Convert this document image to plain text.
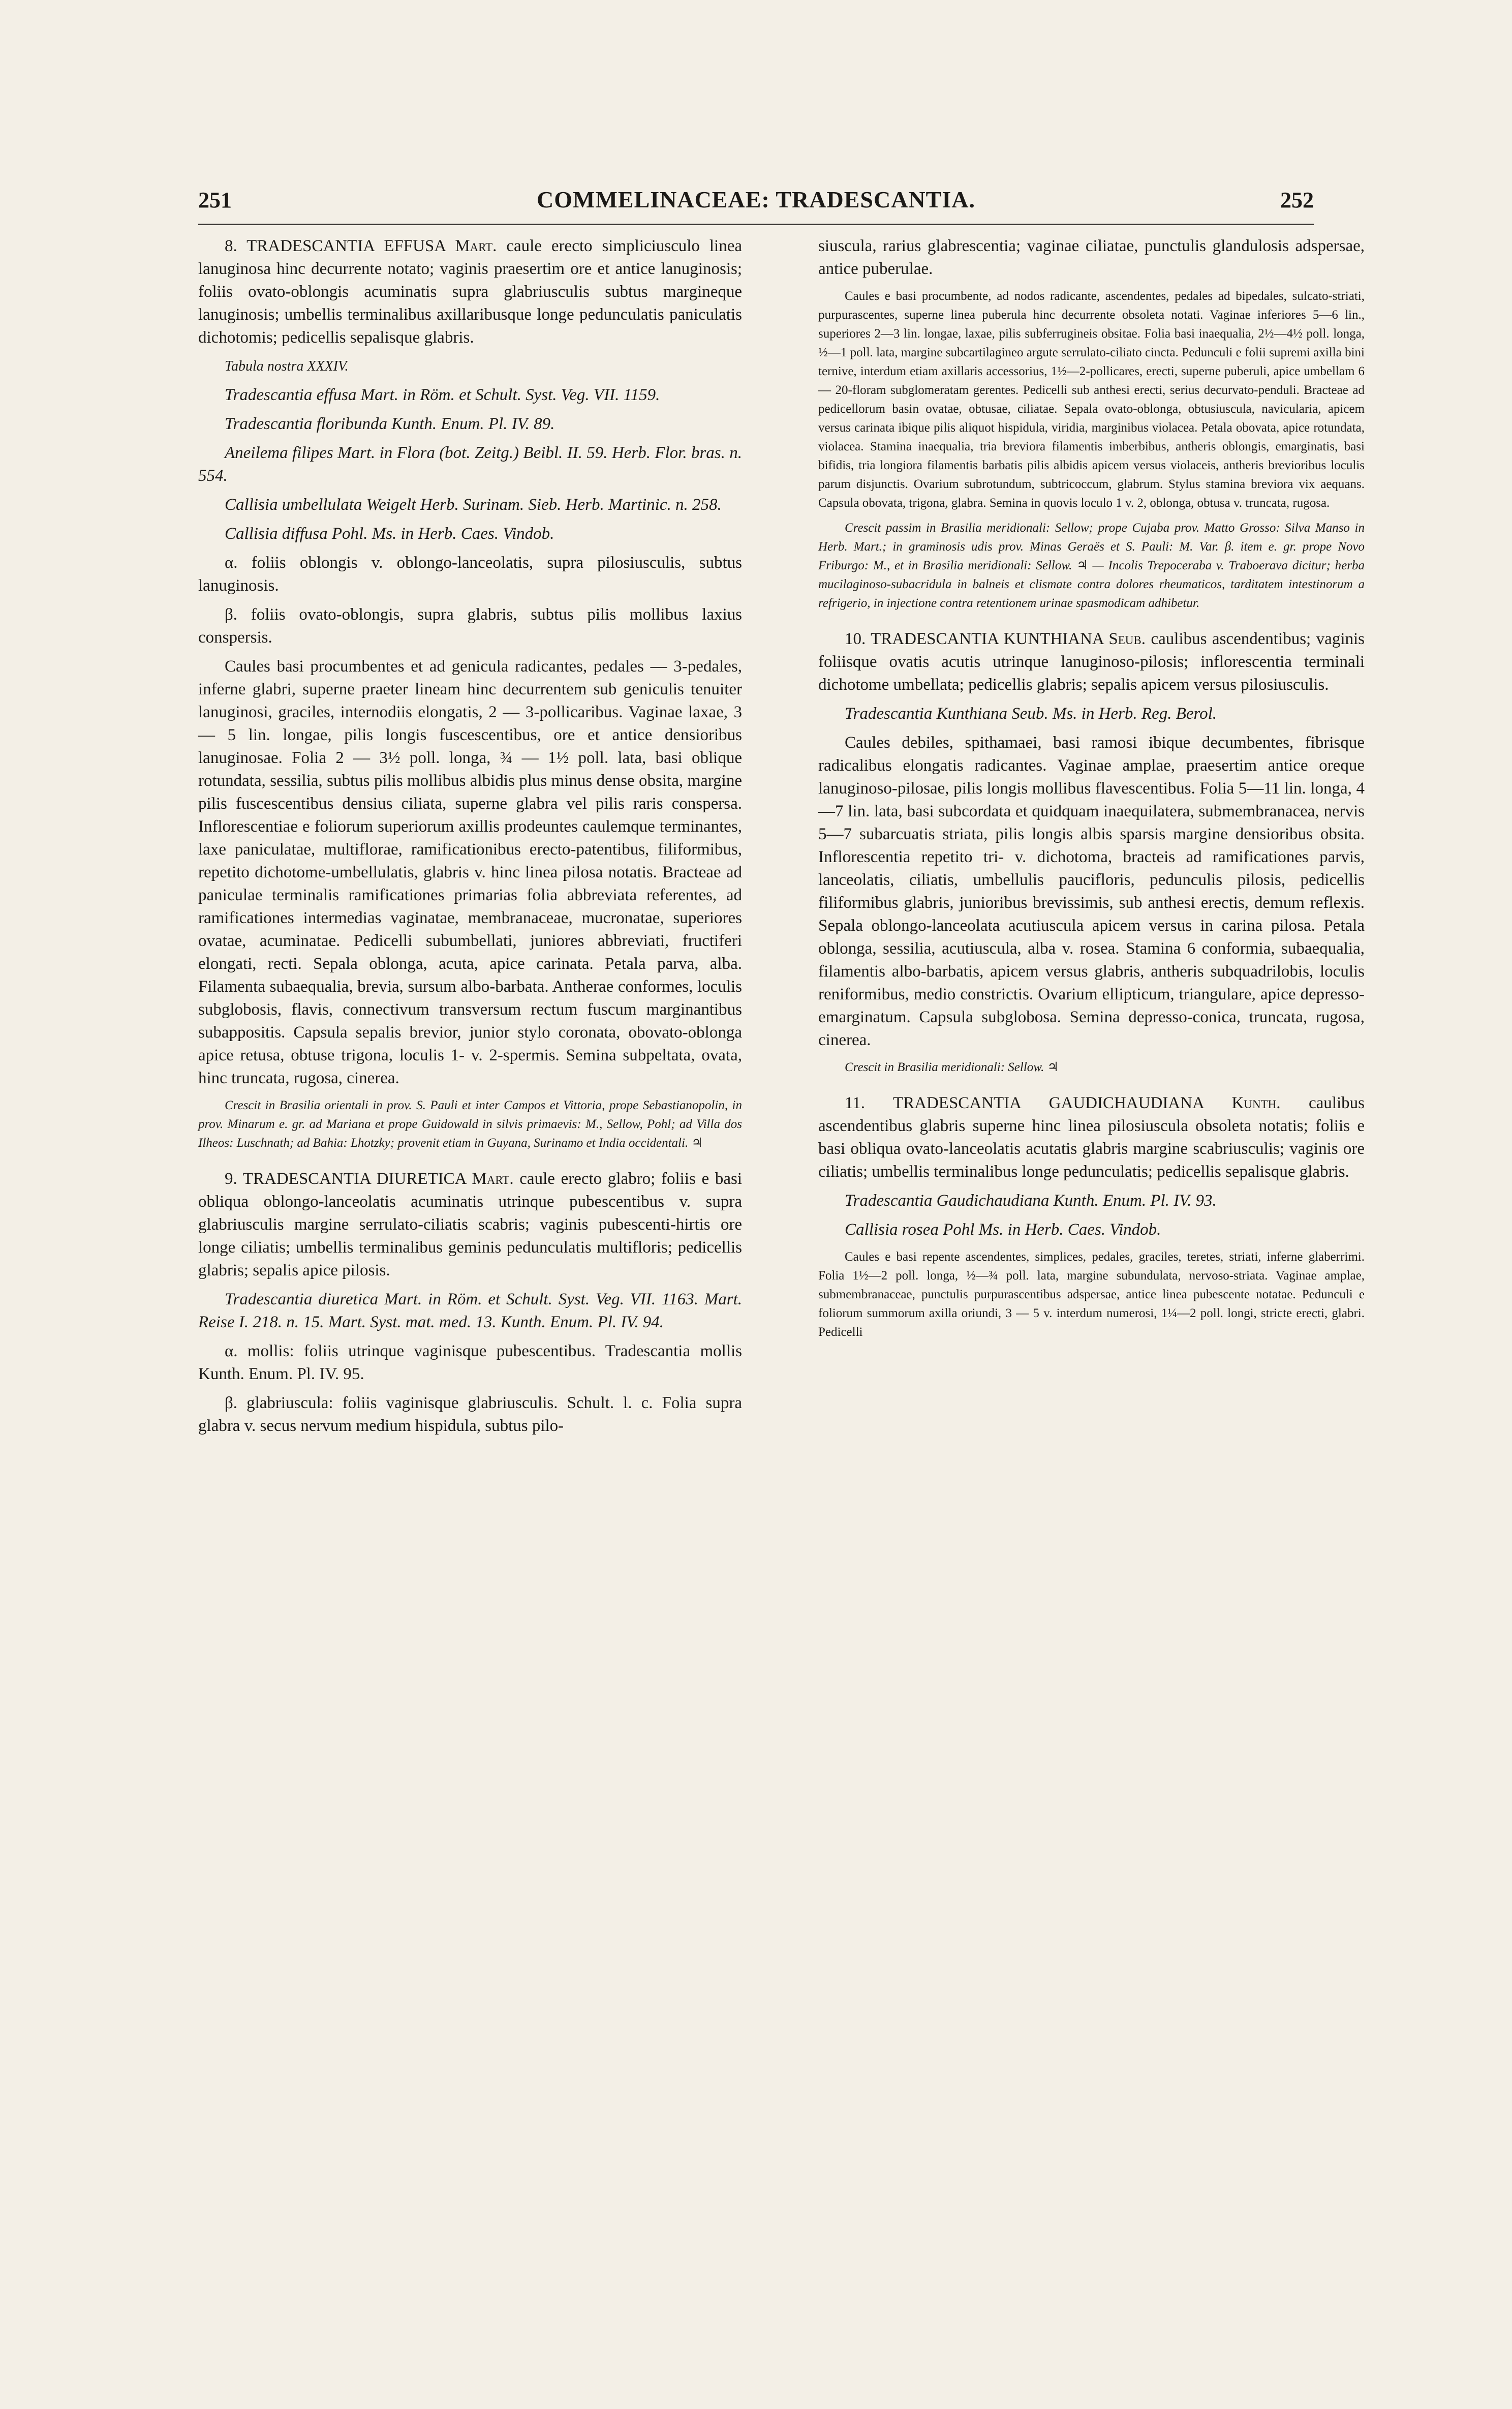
251	COMMELINACEAE: TRADESCANTIA.	252

8. TRADESCANTIA EFFUSA Mart. caule erecto simpliciusculo linea lanuginosa hinc decurrente notato; vaginis praesertim ore et antice lanuginosis; foliis ovato-oblongis acuminatis supra glabriusculis subtus margineque lanuginosis; umbellis terminalibus axillaribusque longe pedunculatis paniculatis dichotomis; pedicellis sepalisque glabris.

Tabula nostra XXXIV.

Tradescantia effusa Mart. in Röm. et Schult. Syst. Veg. VII. 1159.

Tradescantia floribunda Kunth. Enum. Pl. IV. 89.

Aneilema filipes Mart. in Flora (bot. Zeitg.) Beibl. II. 59. Herb. Flor. bras. n. 554.

Callisia umbellulata Weigelt Herb. Surinam. Sieb. Herb. Martinic. n. 258.

Callisia diffusa Pohl. Ms. in Herb. Caes. Vindob.

α. foliis oblongis v. oblongo-lanceolatis, supra pilosiusculis, subtus lanuginosis.

β. foliis ovato-oblongis, supra glabris, subtus pilis mollibus laxius conspersis.

Caules basi procumbentes et ad genicula radicantes, pedales — 3-pedales, inferne glabri, superne praeter lineam hinc decurrentem sub geniculis tenuiter lanuginosi, graciles, internodiis elongatis, 2 — 3-pollicaribus. Vaginae laxae, 3 — 5 lin. longae, pilis longis fuscescentibus, ore et antice densioribus lanuginosae. Folia 2 — 3½ poll. longa, ¾ — 1½ poll. lata, basi oblique rotundata, sessilia, subtus pilis mollibus albidis plus minus dense obsita, margine pilis fuscescentibus densius ciliata, superne glabra vel pilis raris conspersa. Inflorescentiae e foliorum superiorum axillis prodeuntes caulemque terminantes, laxe paniculatae, multiflorae, ramificationibus erecto-patentibus, filiformibus, repetito dichotome-umbellulatis, glabris v. hinc linea pilosa notatis. Bracteae ad paniculae terminalis ramificationes primarias folia abbreviata referentes, ad ramificationes intermedias vaginatae, membranaceae, mucronatae, superiores ovatae, acuminatae. Pedicelli subumbellati, juniores abbreviati, fructiferi elongati, recti. Sepala oblonga, acuta, apice carinata. Petala parva, alba. Filamenta subaequalia, brevia, sursum albo-barbata. Antherae conformes, loculis subglobosis, flavis, connectivum transversum rectum fuscum marginantibus subappositis. Capsula sepalis brevior, junior stylo coronata, obovato-oblonga apice retusa, obtuse trigona, loculis 1- v. 2-spermis. Semina subpeltata, ovata, hinc truncata, rugosa, cinerea.

Crescit in Brasilia orientali in prov. S. Pauli et inter Campos et Vittoria, prope Sebastianopolin, in prov. Minarum e. gr. ad Mariana et prope Guidowald in silvis primaevis: M., Sellow, Pohl; ad Villa dos Ilheos: Luschnath; ad Bahia: Lhotzky; provenit etiam in Guyana, Surinamo et India occidentali. ♃

9. TRADESCANTIA DIURETICA Mart. caule erecto glabro; foliis e basi obliqua oblongo-lanceolatis acuminatis utrinque pubescentibus v. supra glabriusculis margine serrulato-ciliatis scabris; vaginis pubescenti-hirtis ore longe ciliatis; umbellis terminalibus geminis pedunculatis multifloris; pedicellis glabris; sepalis apice pilosis.

Tradescantia diuretica Mart. in Röm. et Schult. Syst. Veg. VII. 1163. Mart. Reise I. 218. n. 15. Mart. Syst. mat. med. 13. Kunth. Enum. Pl. IV. 94.

α. mollis: foliis utrinque vaginisque pubescentibus. Tradescantia mollis Kunth. Enum. Pl. IV. 95.

β. glabriuscula: foliis vaginisque glabriusculis. Schult. l. c. Folia supra glabra v. secus nervum medium hispidula, subtus pilo-

siuscula, rarius glabrescentia; vaginae ciliatae, punctulis glandulosis adspersae, antice puberulae.

Caules e basi procumbente, ad nodos radicante, ascendentes, pedales ad bipedales, sulcato-striati, purpurascentes, superne linea puberula hinc decurrente obsoleta notati. Vaginae inferiores 5—6 lin., superiores 2—3 lin. longae, laxae, pilis subferrugineis obsitae. Folia basi inaequalia, 2½—4½ poll. longa, ½—1 poll. lata, margine subcartilagineo argute serrulato-ciliato cincta. Pedunculi e folii supremi axilla bini ternive, interdum etiam axillaris accessorius, 1½—2-pollicares, erecti, superne puberuli, apice umbellam 6 — 20-floram subglomeratam gerentes. Pedicelli sub anthesi erecti, serius decurvato-penduli. Bracteae ad pedicellorum basin ovatae, obtusae, ciliatae. Sepala ovato-oblonga, obtusiuscula, navicularia, apicem versus carinata ibique pilis aliquot hispidula, viridia, marginibus violacea. Petala obovata, apice rotundata, violacea. Stamina inaequalia, tria breviora filamentis imberbibus, antheris oblongis, emarginatis, basi bifidis, tria longiora filamentis barbatis pilis albidis apicem versus violaceis, antheris brevioribus loculis parum disjunctis. Ovarium subrotundum, subtricoccum, glabrum. Stylus stamina breviora vix aequans. Capsula obovata, trigona, glabra. Semina in quovis loculo 1 v. 2, oblonga, obtusa v. truncata, rugosa.

Crescit passim in Brasilia meridionali: Sellow; prope Cujaba prov. Matto Grosso: Silva Manso in Herb. Mart.; in graminosis udis prov. Minas Geraës et S. Pauli: M. Var. β. item e. gr. prope Novo Friburgo: M., et in Brasilia meridionali: Sellow. ♃ — Incolis Trepoceraba v. Traboerava dicitur; herba mucilaginoso-subacridula in balneis et clismate contra dolores rheumaticos, tarditatem intestinorum a refrigerio, in injectione contra retentionem urinae spasmodicam adhibetur.

10. TRADESCANTIA KUNTHIANA Seub. caulibus ascendentibus; vaginis foliisque ovatis acutis utrinque lanuginoso-pilosis; inflorescentia terminali dichotome umbellata; pedicellis glabris; sepalis apicem versus pilosiusculis.

Tradescantia Kunthiana Seub. Ms. in Herb. Reg. Berol.

Caules debiles, spithamaei, basi ramosi ibique decumbentes, fibrisque radicalibus elongatis radicantes. Vaginae amplae, praesertim antice oreque lanuginoso-pilosae, pilis longis mollibus flavescentibus. Folia 5—11 lin. longa, 4—7 lin. lata, basi subcordata et quidquam inaequilatera, submembranacea, nervis 5—7 subarcuatis striata, pilis longis albis sparsis margine densioribus obsita. Inflorescentia repetito tri- v. dichotoma, bracteis ad ramificationes parvis, lanceolatis, ciliatis, umbellulis paucifloris, pedunculis pilosis, pedicellis filiformibus glabris, junioribus brevissimis, sub anthesi erectis, demum reflexis. Sepala oblongo-lanceolata acutiuscula apicem versus in carina pilosa. Petala oblonga, sessilia, acutiuscula, alba v. rosea. Stamina 6 conformia, subaequalia, filamentis albo-barbatis, apicem versus glabris, antheris subquadrilobis, loculis reniformibus, medio constrictis. Ovarium ellipticum, triangulare, apice depresso-emarginatum. Capsula subglobosa. Semina depresso-conica, truncata, rugosa, cinerea.

Crescit in Brasilia meridionali: Sellow. ♃

11. TRADESCANTIA GAUDICHAUDIANA Kunth. caulibus ascendentibus glabris superne hinc linea pilosiuscula obsoleta notatis; foliis e basi obliqua ovato-lanceolatis acutatis glabris margine scabriusculis; vaginis ore ciliatis; umbellis terminalibus longe pedunculatis; pedicellis sepalisque glabris.

Tradescantia Gaudichaudiana Kunth. Enum. Pl. IV. 93.

Callisia rosea Pohl Ms. in Herb. Caes. Vindob.

Caules e basi repente ascendentes, simplices, pedales, graciles, teretes, striati, inferne glaberrimi. Folia 1½—2 poll. longa, ½—¾ poll. lata, margine subundulata, nervoso-striata. Vaginae amplae, submembranaceae, punctulis purpurascentibus adspersae, antice linea pubescente notatae. Pedunculi e foliorum summorum axilla oriundi, 3 — 5 v. interdum numerosi, 1¼—2 poll. longi, stricte erecti, glabri. Pedicelli
